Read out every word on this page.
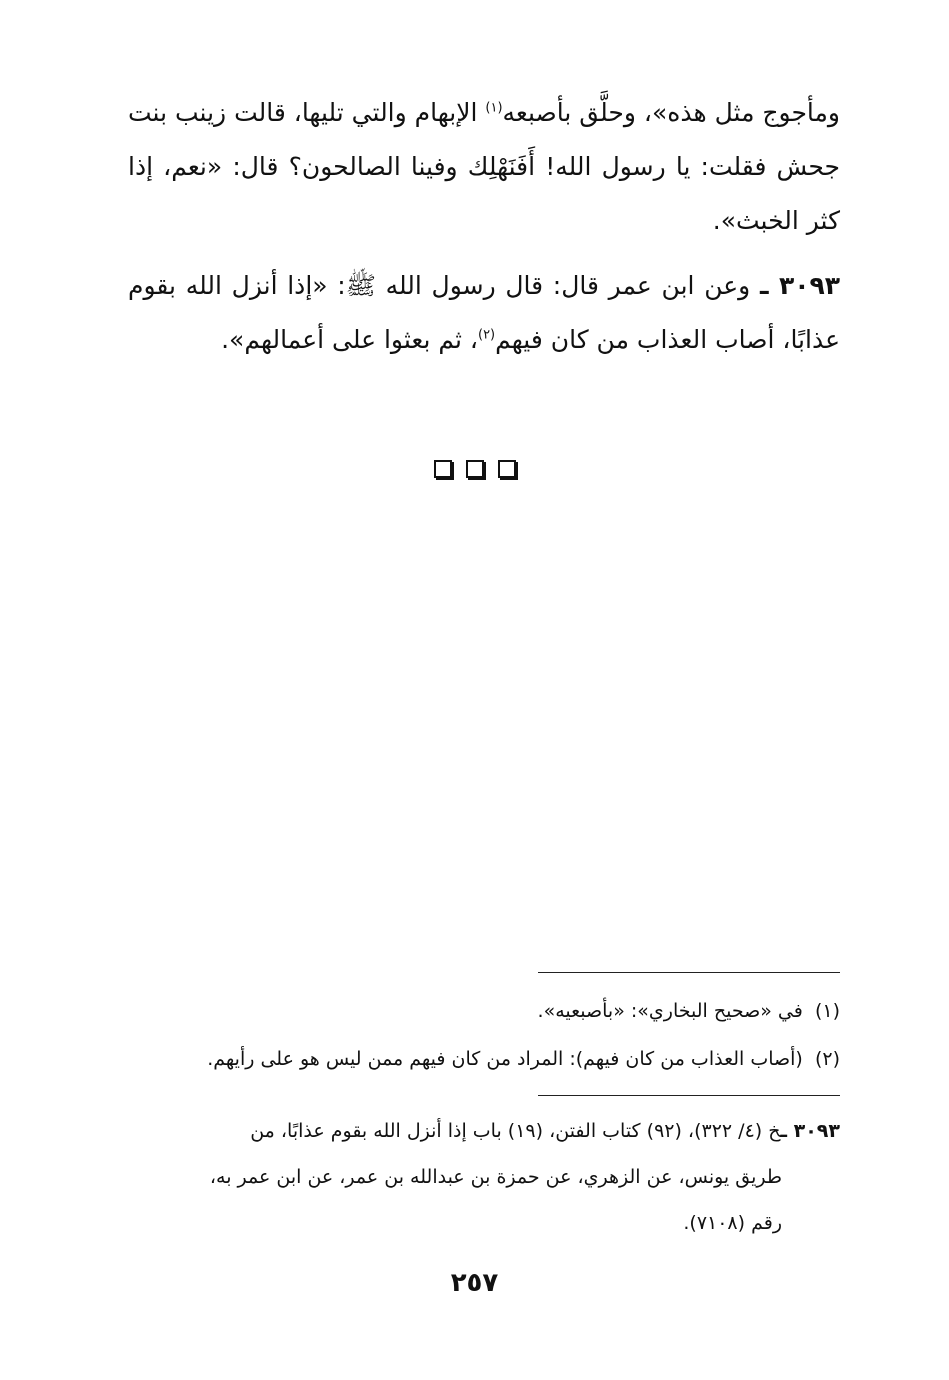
ومأجوج مثل هذه»، وحلَّق بأصبعه$^{(١)}$ الإبهام والتي تليها، قالت زينب بنت جحش فقلت: يا رسول الله! أَفَنَهْلِك وفينا الصالحون؟ قال: «نعم، إذا كثر الخبث».

٣٠٩٣ ـ وعن ابن عمر قال: قال رسول الله ﷺ: «إذا أنزل الله بقوم عذابًا، أصاب العذاب من كان فيهم$^{(٢)}$، ثم بعثوا على أعمالهم».

(١)  في «صحيح البخاري»: «بأصبعيه».

(٢)  (أصاب العذاب من كان فيهم): المراد من كان فيهم ممن ليس هو على رأيهم.

٣٠٩٣ ـخ (٤/ ٣٢٢)، (٩٢) كتاب الفتن، (١٩) باب إذا أنزل الله بقوم عذابًا، من
طريق يونس، عن الزهري، عن حمزة بن عبدالله بن عمر، عن ابن عمر به،
رقم (٧١٠٨).
٢٥٧
